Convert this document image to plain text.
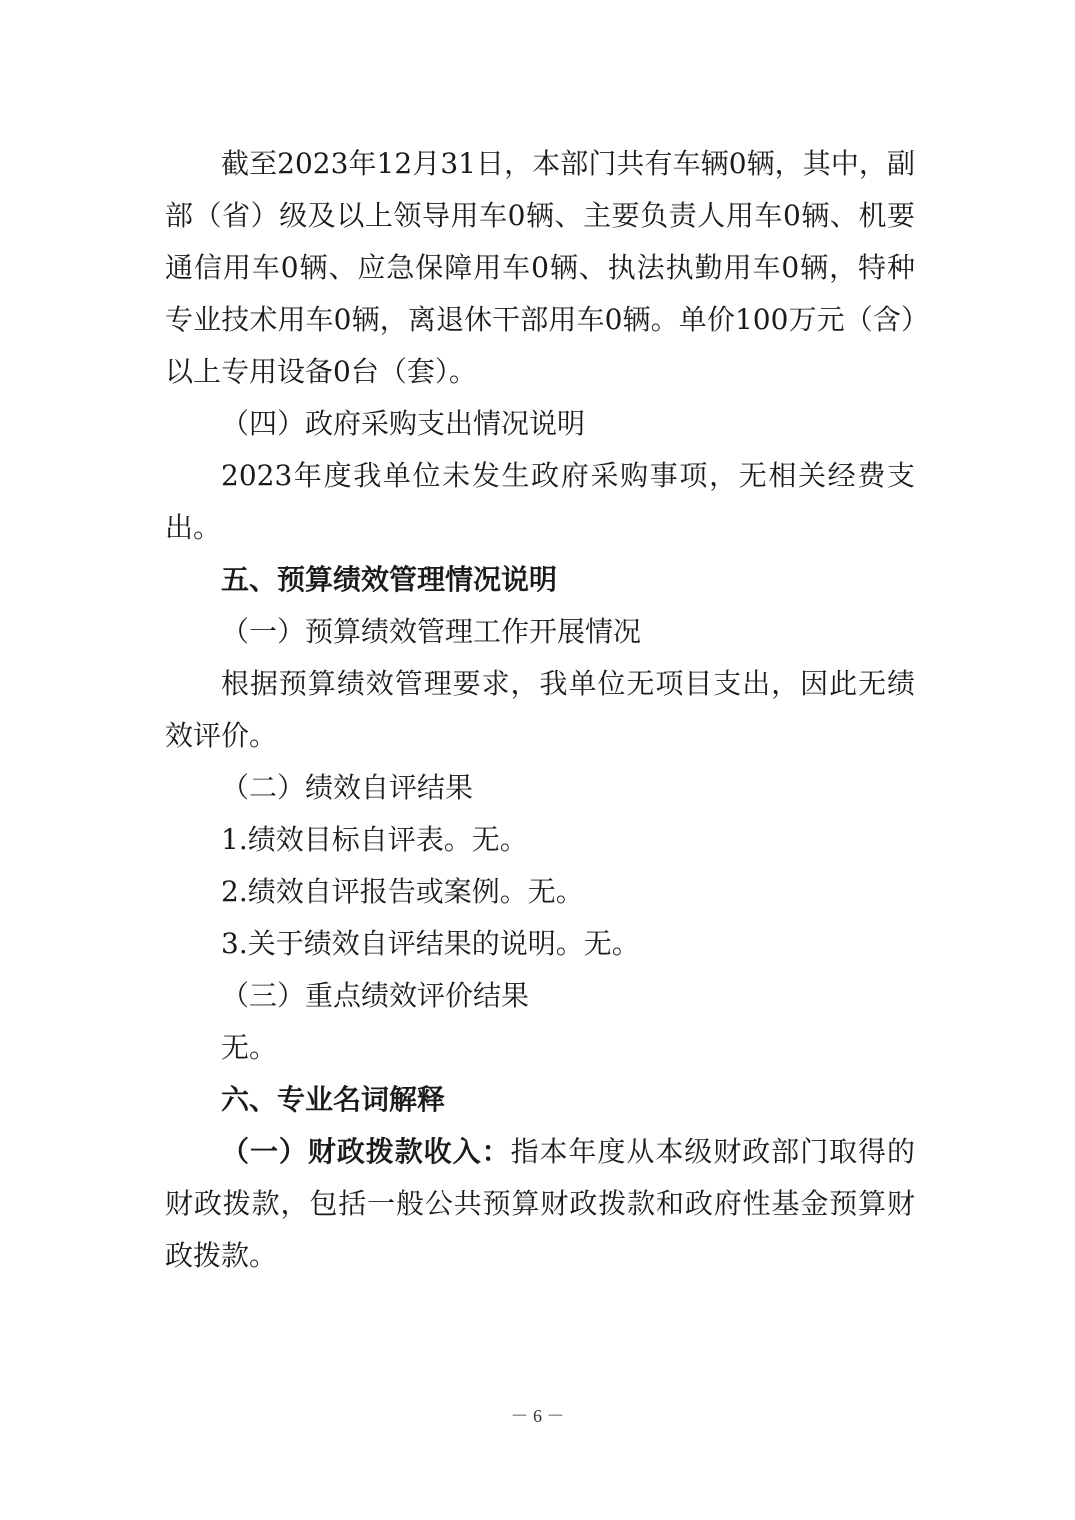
截至2023年12月31日，本部门共有车辆0辆，其中，副部（省）级及以上领导用车0辆、主要负责人用车0辆、机要通信用车0辆、应急保障用车0辆、执法执勤用车0辆，特种专业技术用车0辆，离退休干部用车0辆。单价100万元（含）以上专用设备0台（套）。

（四）政府采购支出情况说明

2023年度我单位未发生政府采购事项，无相关经费支出。

五、预算绩效管理情况说明

（一）预算绩效管理工作开展情况

根据预算绩效管理要求，我单位无项目支出，因此无绩效评价。

（二）绩效自评结果

1.绩效目标自评表。无。

2.绩效自评报告或案例。无。

3.关于绩效自评结果的说明。无。

（三）重点绩效评价结果

无。

六、专业名词解释

（一）财政拨款收入：指本年度从本级财政部门取得的财政拨款，包括一般公共预算财政拨款和政府性基金预算财政拨款。

－ 6 －
